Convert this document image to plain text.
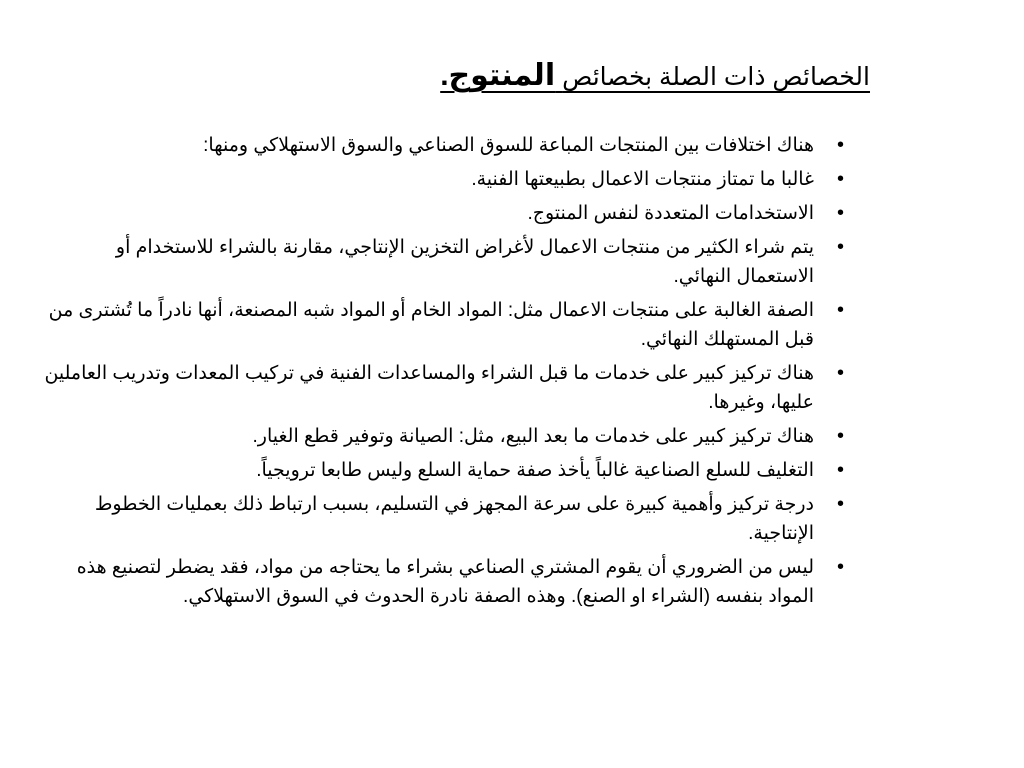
الخصائص ذات الصلة بخصائص المنتوج.
•
هناك اختلافات بين المنتجات المباعة للسوق الصناعي والسوق الاستهلاكي ومنها:
•
غالبا ما تمتاز منتجات الاعمال بطبيعتها الفنية.
•
الاستخدامات المتعددة لنفس المنتوج.
•
يتم شراء الكثير من منتجات الاعمال لأغراض التخزين الإنتاجي، مقارنة بالشراء للاستخدام أو الاستعمال النهائي.
•
الصفة الغالبة على منتجات الاعمال مثل: المواد الخام أو المواد شبه المصنعة، أنها نادراً ما تُشترى من قبل المستهلك النهائي.
•
هناك تركيز كبير على خدمات ما قبل الشراء والمساعدات الفنية في تركيب المعدات وتدريب العاملين عليها، وغيرها.
•
هناك تركيز كبير على خدمات ما بعد البيع، مثل: الصيانة وتوفير قطع الغيار.
•
التغليف للسلع الصناعية غالباً يأخذ صفة حماية السلع وليس طابعا ترويجياً.
•
درجة تركيز وأهمية كبيرة على سرعة المجهز في التسليم، بسبب ارتباط ذلك بعمليات الخطوط الإنتاجية.
•
ليس من الضروري أن يقوم المشتري الصناعي بشراء ما يحتاجه من مواد، فقد يضطر لتصنيع هذه المواد بنفسه (الشراء او الصنع). وهذه الصفة نادرة الحدوث في السوق الاستهلاكي.
